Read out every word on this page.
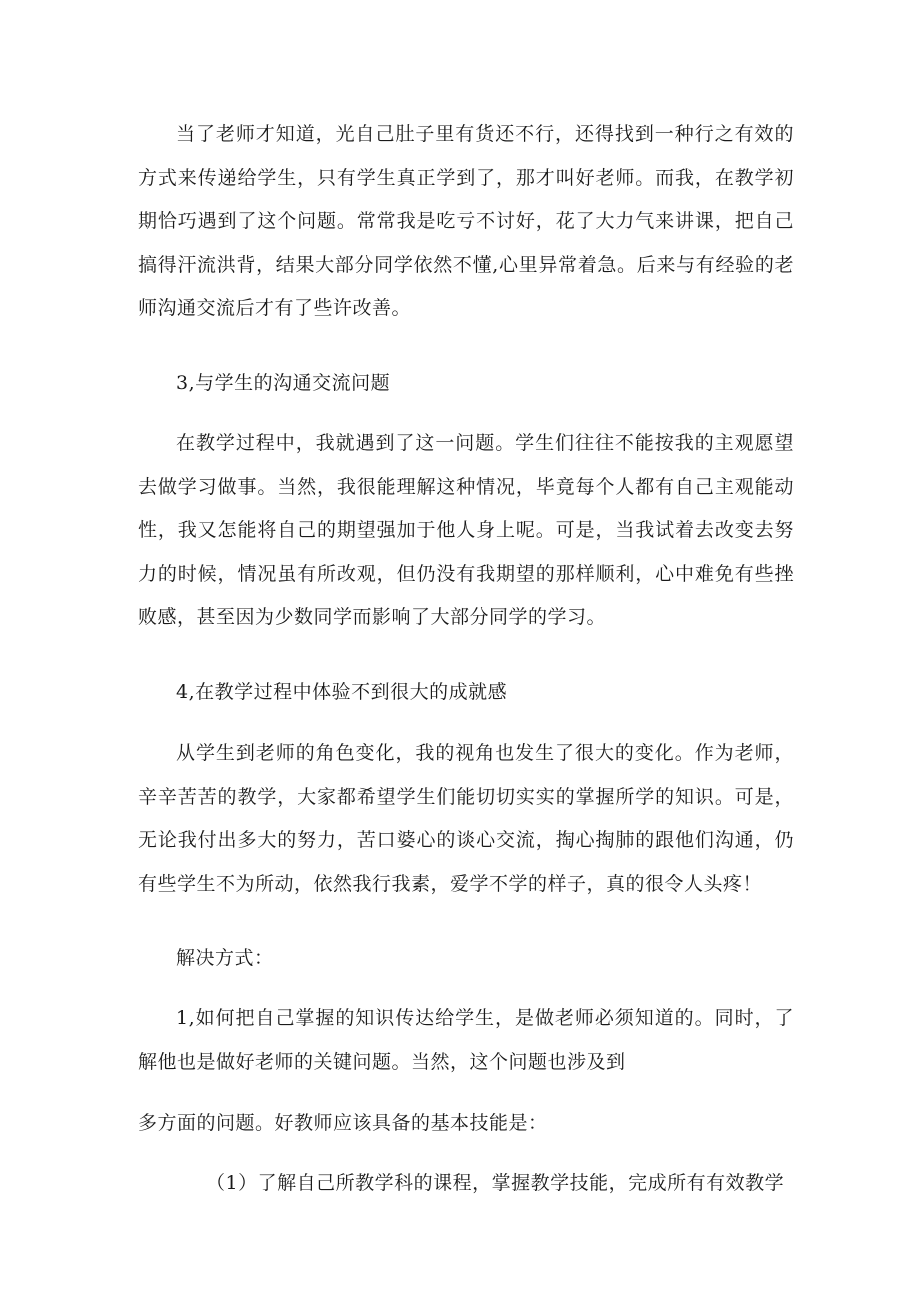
当了老师才知道，光自己肚子里有货还不行，还得找到一种行之有效的方式来传递给学生，只有学生真正学到了，那才叫好老师。而我，在教学初期恰巧遇到了这个问题。常常我是吃亏不讨好，花了大力气来讲课，把自己搞得汗流洪背，结果大部分同学依然不懂,心里异常着急。后来与有经验的老师沟通交流后才有了些许改善。

3,与学生的沟通交流问题

在教学过程中，我就遇到了这一问题。学生们往往不能按我的主观愿望去做学习做事。当然，我很能理解这种情况，毕竟每个人都有自己主观能动性，我又怎能将自己的期望强加于他人身上呢。可是，当我试着去改变去努力的时候，情况虽有所改观，但仍没有我期望的那样顺利，心中难免有些挫败感，甚至因为少数同学而影响了大部分同学的学习。

4,在教学过程中体验不到很大的成就感

从学生到老师的角色变化，我的视角也发生了很大的变化。作为老师，辛辛苦苦的教学，大家都希望学生们能切切实实的掌握所学的知识。可是，无论我付出多大的努力，苦口婆心的谈心交流，掏心掏肺的跟他们沟通，仍有些学生不为所动，依然我行我素，爱学不学的样子，真的很令人头疼！

解决方式：

1,如何把自己掌握的知识传达给学生，是做老师必须知道的。同时，了解他也是做好老师的关键问题。当然，这个问题也涉及到

多方面的问题。好教师应该具备的基本技能是：

（1）了解自己所教学科的课程，掌握教学技能，完成所有有效教学
